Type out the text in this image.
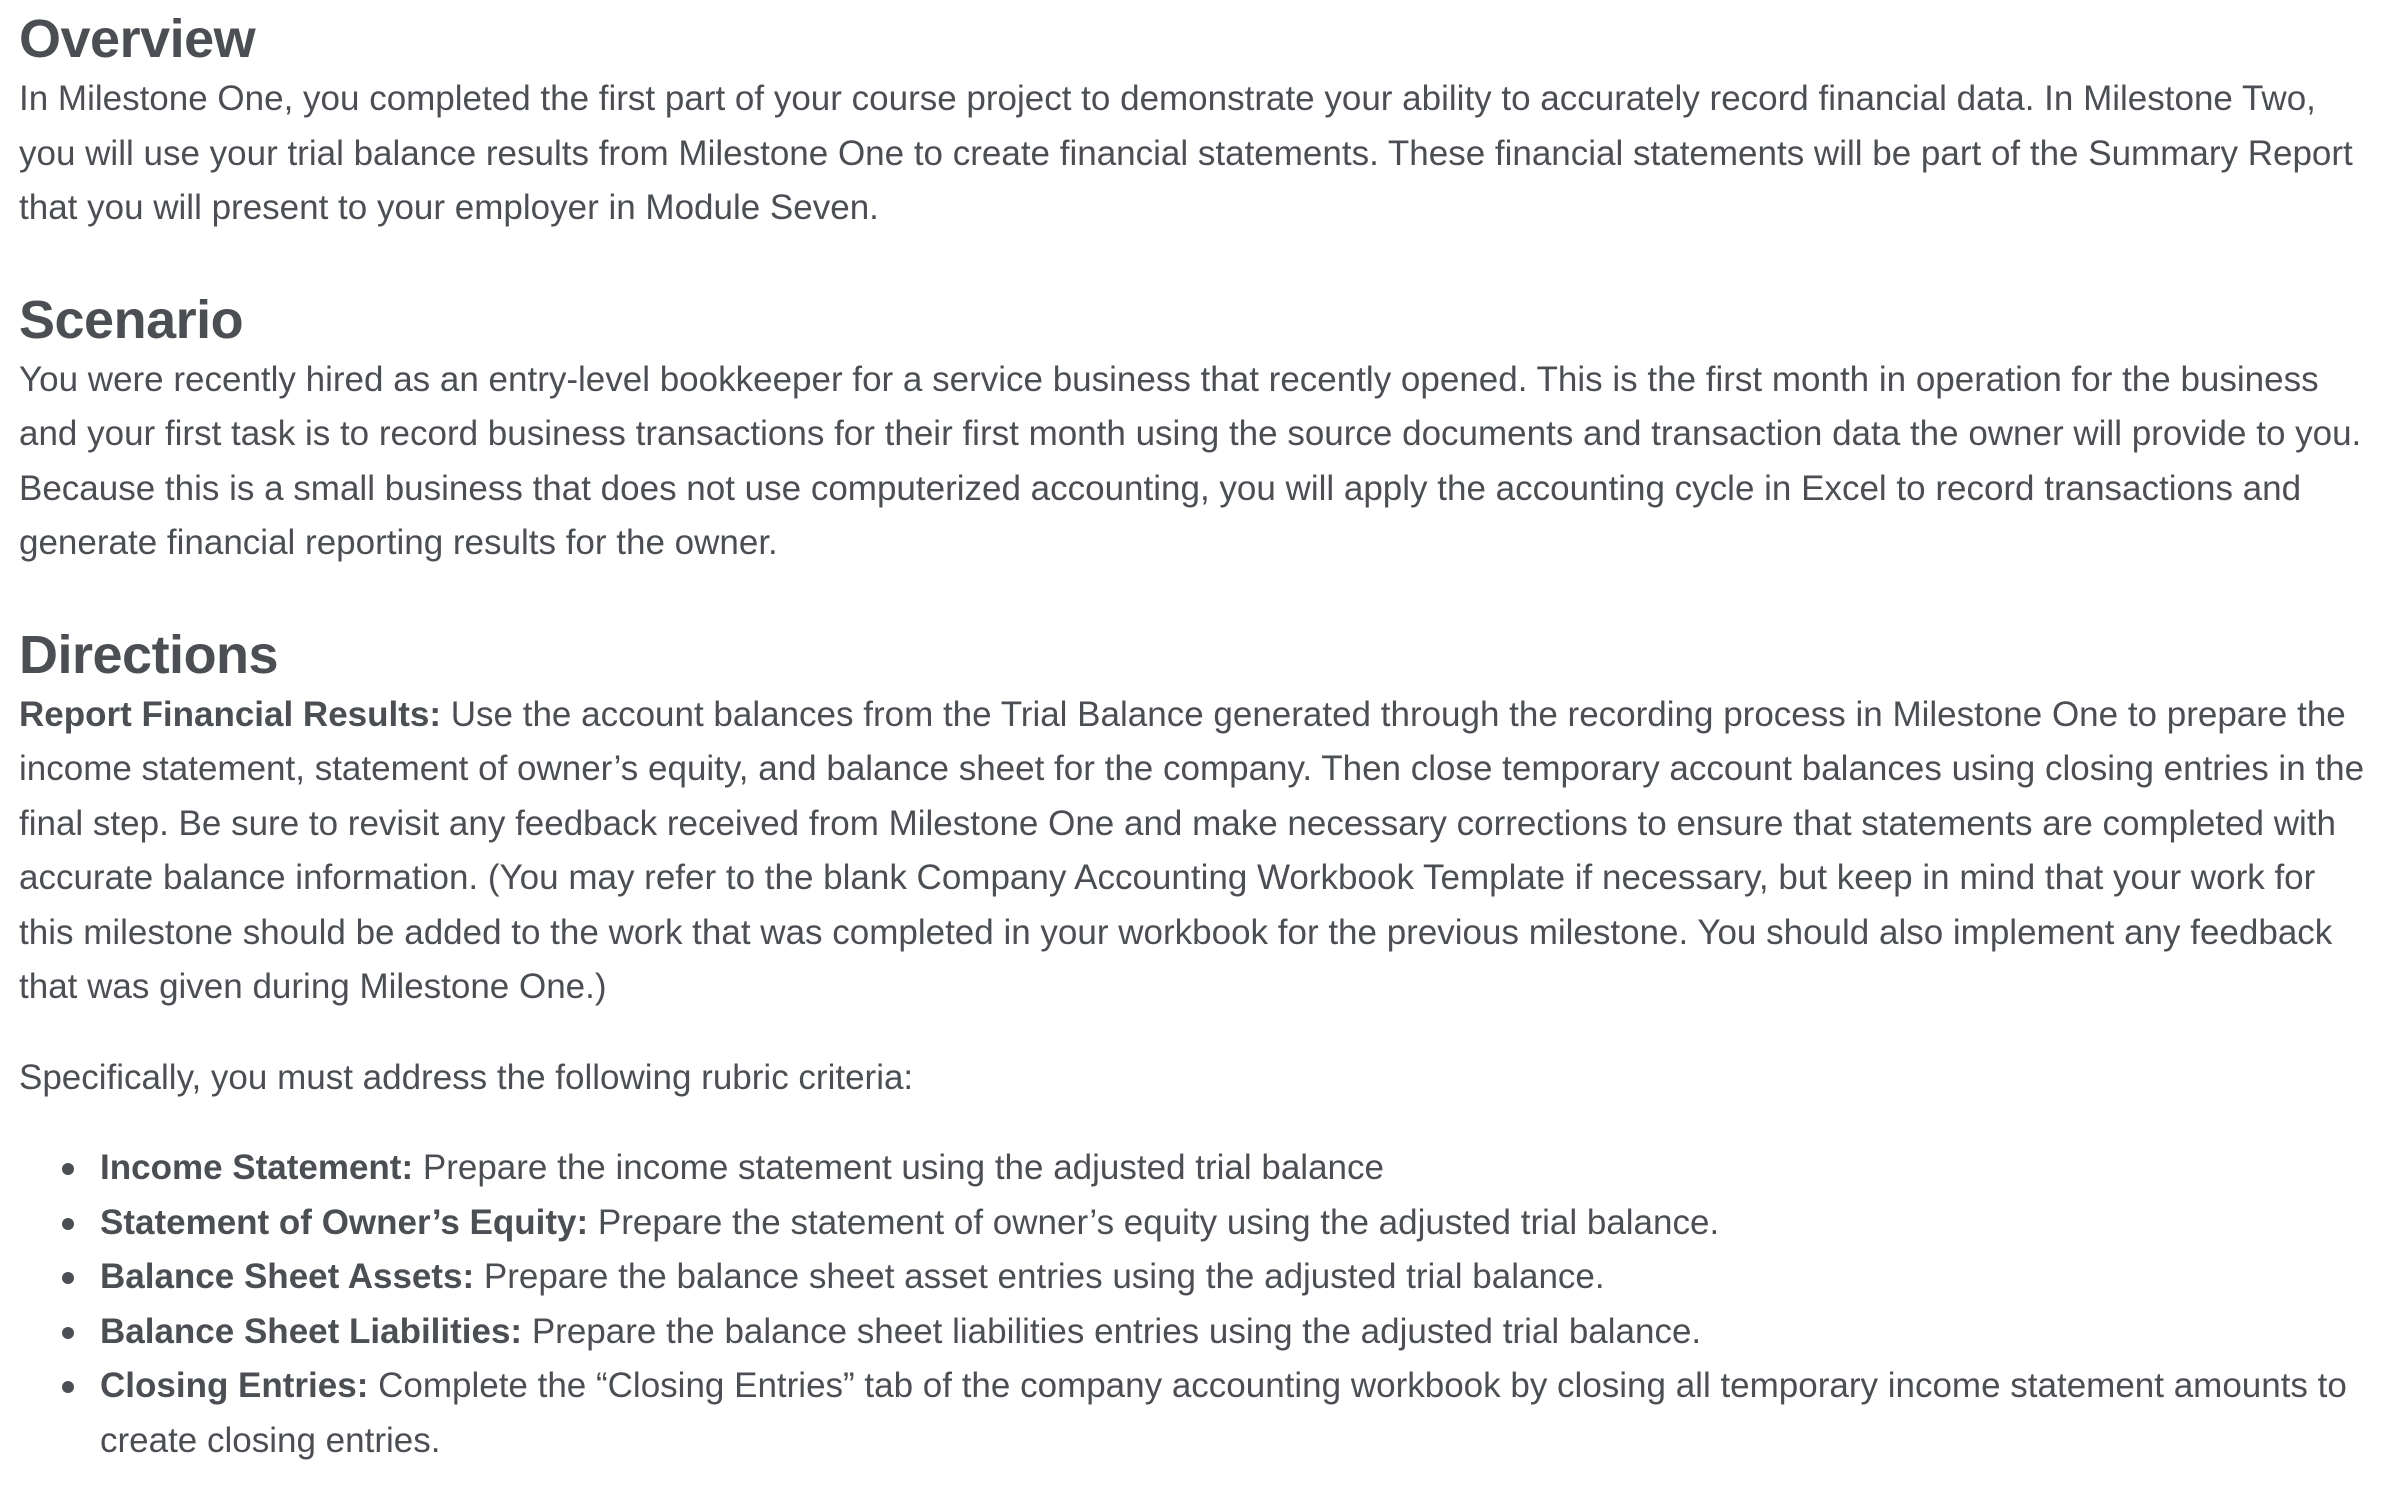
Overview

In Milestone One, you completed the first part of your course project to demonstrate your ability to accurately record financial data. In Milestone Two, you will use your trial balance results from Milestone One to create financial statements. These financial statements will be part of the Summary Report that you will present to your employer in Module Seven.

Scenario

You were recently hired as an entry-level bookkeeper for a service business that recently opened. This is the first month in operation for the business and your first task is to record business transactions for their first month using the source documents and transaction data the owner will provide to you. Because this is a small business that does not use computerized accounting, you will apply the accounting cycle in Excel to record transactions and generate financial reporting results for the owner.

Directions

Report Financial Results: Use the account balances from the Trial Balance generated through the recording process in Milestone One to prepare the income statement, statement of owner’s equity, and balance sheet for the company. Then close temporary account balances using closing entries in the final step. Be sure to revisit any feedback received from Milestone One and make necessary corrections to ensure that statements are completed with accurate balance information. (You may refer to the blank Company Accounting Workbook Template if necessary, but keep in mind that your work for this milestone should be added to the work that was completed in your workbook for the previous milestone. You should also implement any feedback that was given during Milestone One.)

Specifically, you must address the following rubric criteria:

Income Statement: Prepare the income statement using the adjusted trial balance
Statement of Owner’s Equity: Prepare the statement of owner’s equity using the adjusted trial balance.
Balance Sheet Assets: Prepare the balance sheet asset entries using the adjusted trial balance.
Balance Sheet Liabilities: Prepare the balance sheet liabilities entries using the adjusted trial balance.
Closing Entries: Complete the “Closing Entries” tab of the company accounting workbook by closing all temporary income statement amounts to create closing entries.
